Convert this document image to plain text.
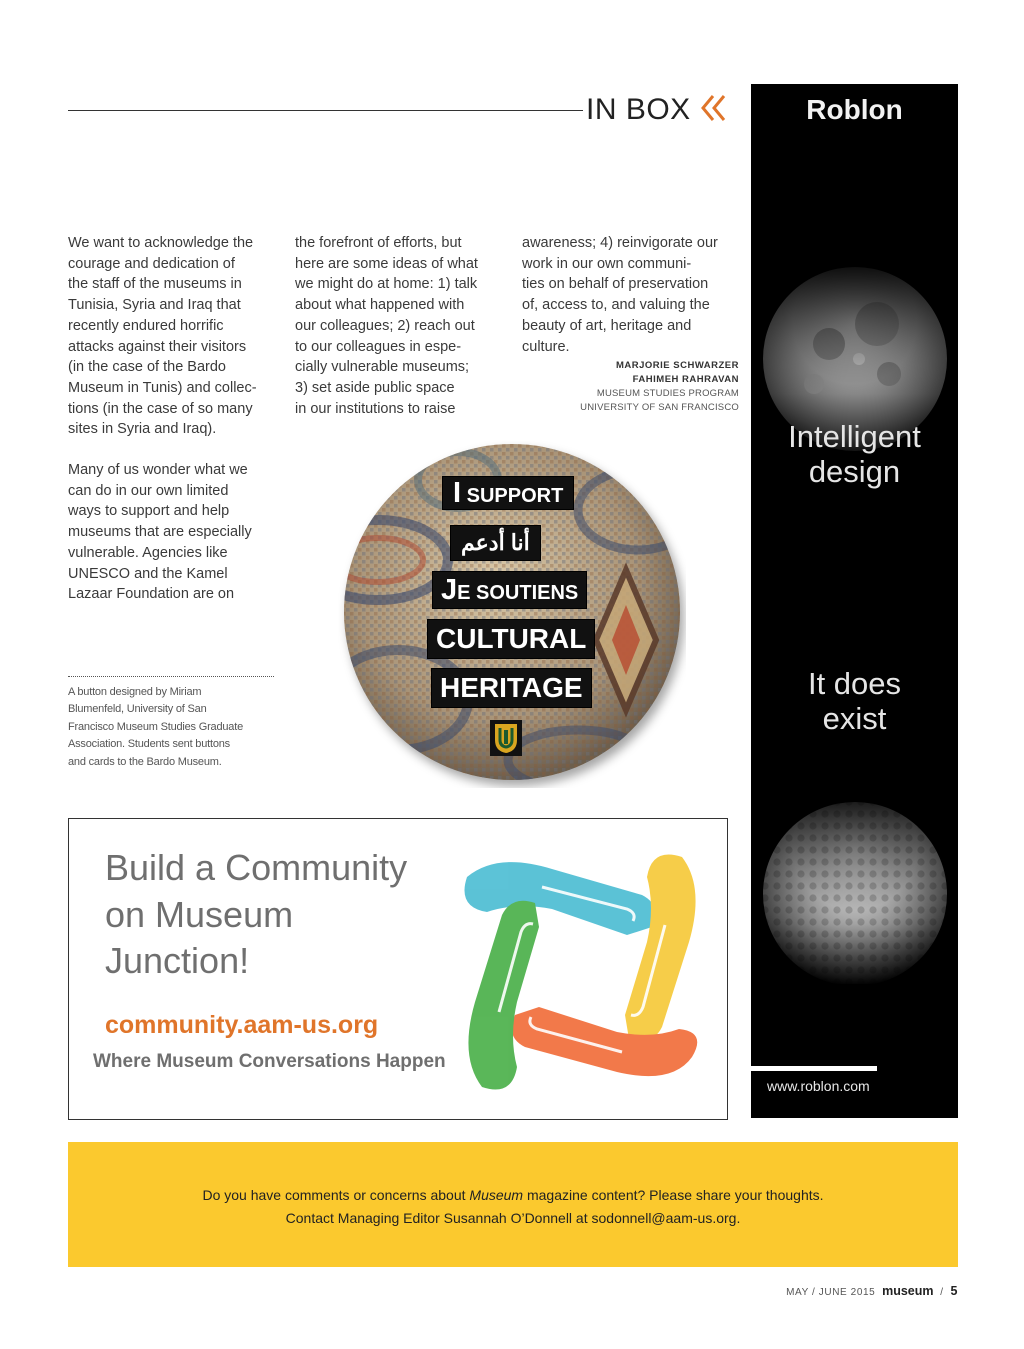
IN BOX
We want to acknowledge the
courage and dedication of
the staff of the museums in
Tunisia, Syria and Iraq that
recently endured horrific
attacks against their visitors
(in the case of the Bardo
Museum in Tunis) and collec-
tions (in the case of so many
sites in Syria and Iraq).
Many of us wonder what we
can do in our own limited
ways to support and help
museums that are especially
vulnerable. Agencies like
UNESCO and the Kamel
Lazaar Foundation are on
the forefront of efforts, but
here are some ideas of what
we might do at home: 1) talk
about what happened with
our colleagues; 2) reach out
to our colleagues in espe-
cially vulnerable museums;
3) set aside public space
in our institutions to raise
awareness; 4) reinvigorate our
work in our own communi-
ties on behalf of preservation
of, access to, and valuing the
beauty of art, heritage and
culture.
MARJORIE SCHWARZER
FAHIMEH RAHRAVAN
MUSEUM STUDIES PROGRAM
UNIVERSITY OF SAN FRANCISCO
A button designed by Miriam
Blumenfeld, University of San
Francisco Museum Studies Graduate
Association. Students sent buttons
and cards to the Bardo Museum.
I SUPPORT
أنا أدعم
JE SOUTIENS
CULTURAL
HERITAGE
Roblon
Intelligent
design
It does
exist
www.roblon.com
Build a Community
on Museum
Junction!
community.aam-us.org
Where Museum Conversations Happen
Do you have comments or concerns about Museum magazine content? Please share your thoughts.
Contact Managing Editor Susannah O’Donnell at sodonnell@aam-us.org.
MAY / JUNE 2015 museum / 5
